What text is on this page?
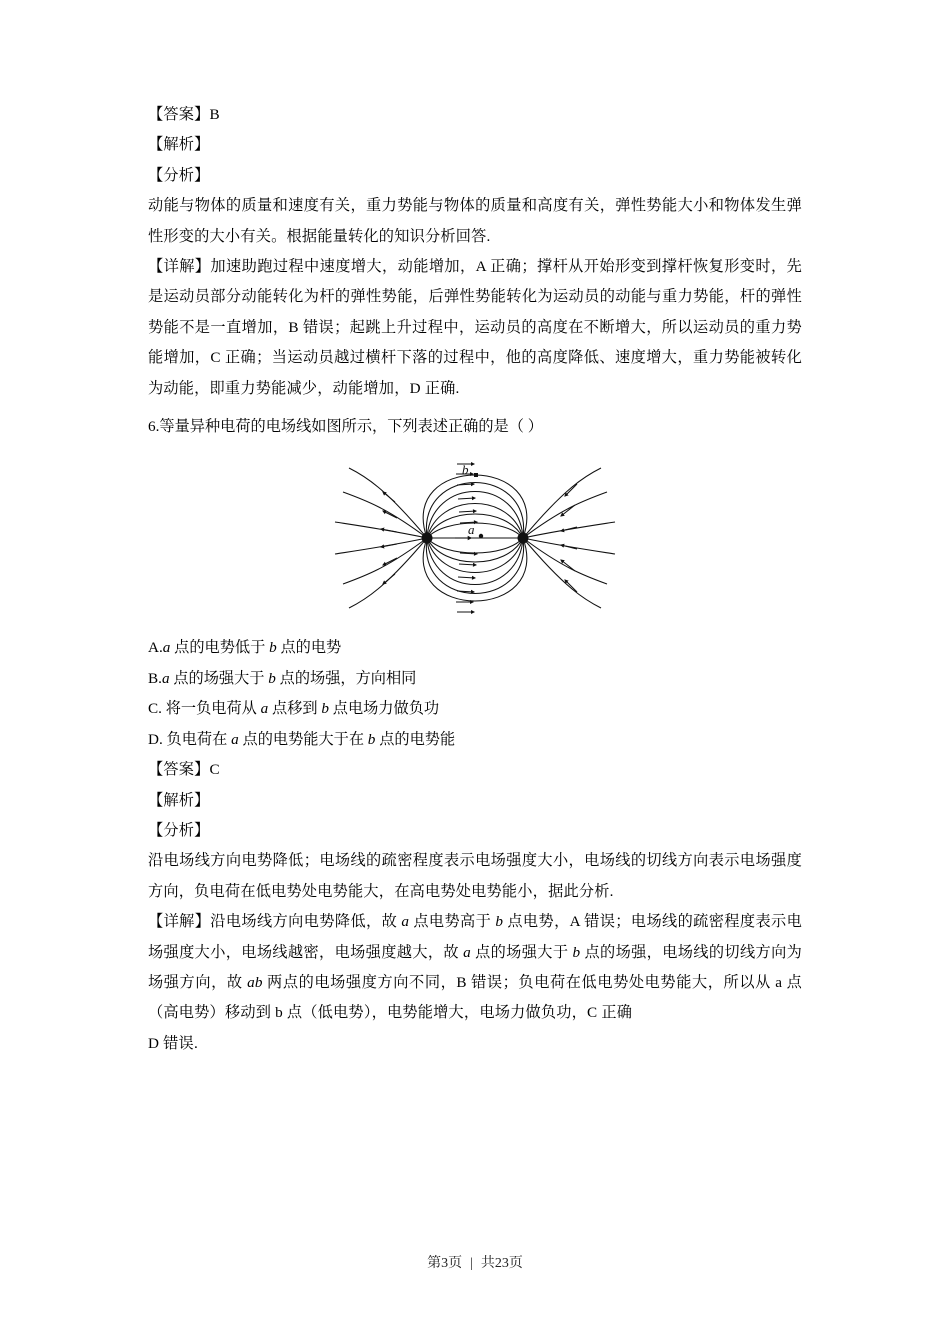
【答案】B

【解析】

【分析】

动能与物体的质量和速度有关，重力势能与物体的质量和高度有关，弹性势能大小和物体发生弹性形变的大小有关。根据能量转化的知识分析回答.

【详解】加速助跑过程中速度增大，动能增加，A 正确；撑杆从开始形变到撑杆恢复形变时，先是运动员部分动能转化为杆的弹性势能，后弹性势能转化为运动员的动能与重力势能，杆的弹性势能不是一直增加，B 错误；起跳上升过程中，运动员的高度在不断增大，所以运动员的重力势能增加，C 正确；当运动员越过横杆下落的过程中，他的高度降低、速度增大，重力势能被转化为动能，即重力势能减少，动能增加，D 正确.

6.等量异种电荷的电场线如图所示，下列表述正确的是（ ）

b
a

A.a 点的电势低于 b 点的电势

B.a 点的场强大于 b 点的场强，方向相同

C. 将一负电荷从 a 点移到 b 点电场力做负功

D. 负电荷在 a 点的电势能大于在 b 点的电势能

【答案】C

【解析】

【分析】

沿电场线方向电势降低；电场线的疏密程度表示电场强度大小，电场线的切线方向表示电场强度方向，负电荷在低电势处电势能大，在高电势处电势能小，据此分析.

【详解】沿电场线方向电势降低，故 a 点电势高于 b 点电势，A 错误；电场线的疏密程度表示电场强度大小，电场线越密，电场强度越大，故 a 点的场强大于 b 点的场强，电场线的切线方向为场强方向，故 ab 两点的电场强度方向不同，B 错误；负电荷在低电势处电势能大，所以从 a 点（高电势）移动到 b 点（低电势），电势能增大，电场力做负功，C 正确

D 错误.

第3页 | 共23页
